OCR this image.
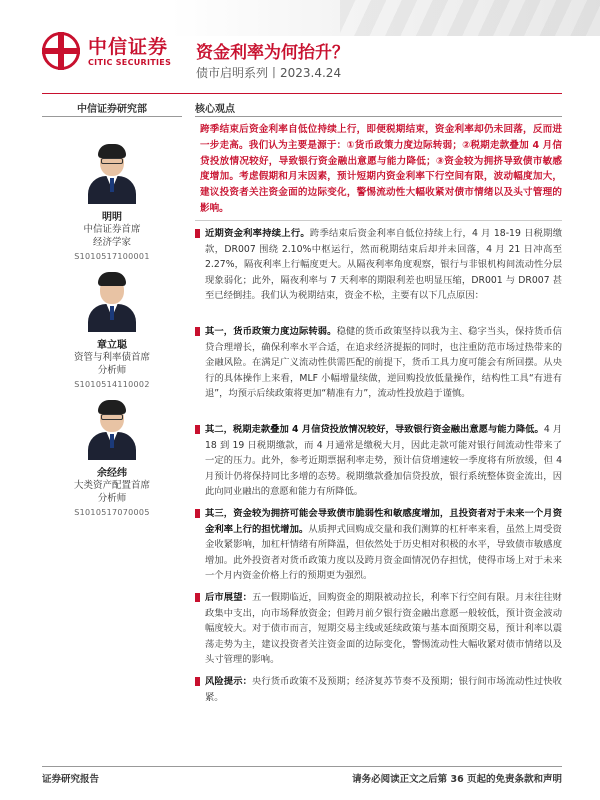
中信证券
CITIC SECURITIES 资金利率为何抬升？
债市启明系列丨2023.4.24
中信证券研究部
明明
中信证券首席
经济学家
S1010517100001
章立聪
资管与利率债首席
分析师
S1010514110002
余经纬
大类资产配置首席
分析师
S1010517070005
核心观点
跨季结束后资金利率自低位持续上行，即便税期结束，资金利率却仍未回落，反而进一步走高。我们认为主要是源于：①货币政策力度边际转弱；②税期走款叠加 4 月信贷投放情况较好，导致银行资金融出意愿与能力降低；③资金较为拥挤导致债市敏感度增加。考虑假期和月末因素，预计短期内资金利率下行空间有限，波动幅度加大，建议投资者关注资金面的边际变化，警惕流动性大幅收紧对债市情绪以及头寸管理的影响。
近期资金利率持续上行。跨季结束后资金利率自低位持续上行，4 月 18-19 日税期缴款，DR007 围绕 2.10%中枢运行，然而税期结束后却并未回落，4 月 21 日冲高至 2.27%，隔夜利率上行幅度更大。从隔夜利率角度观察，银行与非银机构间流动性分层现象弱化；此外，隔夜利率与 7 天利率的期限利差也明显压缩，DR001 与 DR007 甚至已经倒挂。我们认为税期结束，资金不松，主要有以下几点原因：
其一，货币政策力度边际转弱。稳健的货币政策坚持以我为主、稳字当头，保持货币信贷合理增长，确保利率水平合适，在追求经济提振的同时，也注重防范市场过热带来的金融风险。在满足广义流动性供需匹配的前提下，货币工具力度可能会有所回摆。从央行的具体操作上来看，MLF 小幅增量续做，逆回购投放低量操作，结构性工具“有进有退”，均预示后续政策将更加“精准有力”，流动性投放趋于谨慎。
其二，税期走款叠加 4 月信贷投放情况较好，导致银行资金融出意愿与能力降低。4 月 18 到 19 日税期缴款，而 4 月通常是缴税大月，因此走款可能对银行间流动性带来了一定的压力。此外，参考近期票据利率走势，预计信贷增速较一季度将有所放缓，但 4 月预计仍将保持同比多增的态势。税期缴款叠加信贷投放，银行系统整体资金流出，因此向同业融出的意愿和能力有所降低。
其三，资金较为拥挤可能会导致债市脆弱性和敏感度增加，且投资者对于未来一个月资金利率上行的担忧增加。从质押式回购成交量和我们测算的杠杆率来看，虽然上周受资金收紧影响，加杠杆情绪有所降温，但依然处于历史相对积极的水平，导致债市敏感度增加。此外投资者对货币政策力度以及跨月资金面情况仍存担忧，使得市场上对于未来一个月内资金价格上行的预期更为强烈。
后市展望：五一假期临近，回购资金的期限被动拉长，利率下行空间有限。月末往往财政集中支出，向市场释放资金；但跨月前夕银行资金融出意愿一般较低，预计资金波动幅度较大。对于债市而言，短期交易主线或延续政策与基本面预期交易，预计利率以震荡走势为主，建议投资者关注资金面的边际变化，警惕流动性大幅收紧对债市情绪以及头寸管理的影响。
风险提示：央行货币政策不及预期；经济复苏节奏不及预期；银行间市场流动性过快收紧。
证券研究报告	请务必阅读正文之后第 36 页起的免责条款和声明
